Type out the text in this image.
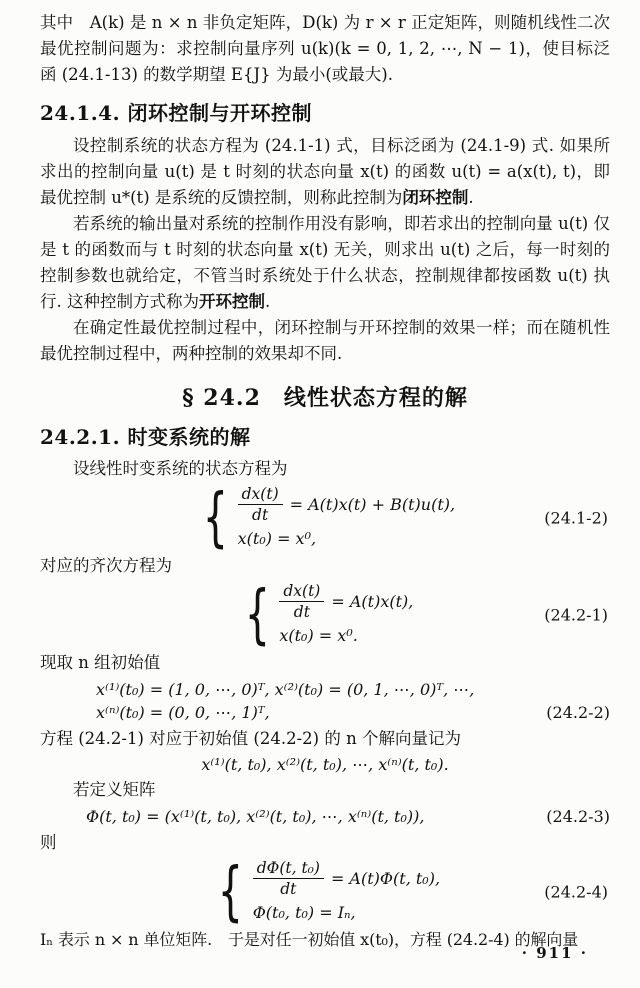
其中　A(k) 是 n × n 非负定矩阵，D(k) 为 r × r 正定矩阵，则随机线性二次最优控制问题为：求控制向量序列 u(k)(k = 0, 1, 2, ⋯, N − 1)，使目标泛函 (24.1-13) 的数学期望 E{J} 为最小(或最大).

24.1.4. 闭环控制与开环控制

设控制系统的状态方程为 (24.1-1) 式，目标泛函为 (24.1-9) 式. 如果所求出的控制向量 u(t) 是 t 时刻的状态向量 x(t) 的函数 u(t) = a(x(t), t)，即最优控制 u*(t) 是系统的反馈控制，则称此控制为闭环控制.

若系统的输出量对系统的控制作用没有影响，即若求出的控制向量 u(t) 仅是 t 的函数而与 t 时刻的状态向量 x(t) 无关，则求出 u(t) 之后，每一时刻的控制参数也就给定，不管当时系统处于什么状态，控制规律都按函数 u(t) 执行. 这种控制方式称为开环控制.

在确定性最优控制过程中，闭环控制与开环控制的效果一样；而在随机性最优控制过程中，两种控制的效果却不同.

§ 24.2　线性状态方程的解
24.2.1. 时变系统的解

设线性时变系统的状态方程为

{ $\frac{dx(t)}{dt} = A(t)x(t) + B(t)u(t)$,
x(t₀) = x⁰,
(24.1-2)

对应的齐次方程为

{ $\frac{dx(t)}{dt} = A(t)x(t)$,
x(t₀) = x⁰.
(24.2-1)

现取 n 组初始值

x⁽¹⁾(t₀) = (1, 0, ⋯, 0)ᵀ, x⁽²⁾(t₀) = (0, 1, ⋯, 0)ᵀ, ⋯,
x⁽ⁿ⁾(t₀) = (0, 0, ⋯, 1)ᵀ,	(24.2-2)

方程 (24.2-1) 对应于初始值 (24.2-2) 的 n 个解向量记为

x⁽¹⁾(t, t₀), x⁽²⁾(t, t₀), ⋯, x⁽ⁿ⁾(t, t₀).

若定义矩阵

Φ(t, t₀) = (x⁽¹⁾(t, t₀), x⁽²⁾(t, t₀), ⋯, x⁽ⁿ⁾(t, t₀)),	(24.2-3)

则

{ $\frac{\text{dΦ(t, t₀)}}{dt} = A(t)\Phi(t$, t₀),
Φ(t₀, t₀) = Iₙ,
(24.2-4)

Iₙ 表示 n × n 单位矩阵.　于是对任一初始值 x(t₀)，方程 (24.2-4) 的解向量

· 911 ·
